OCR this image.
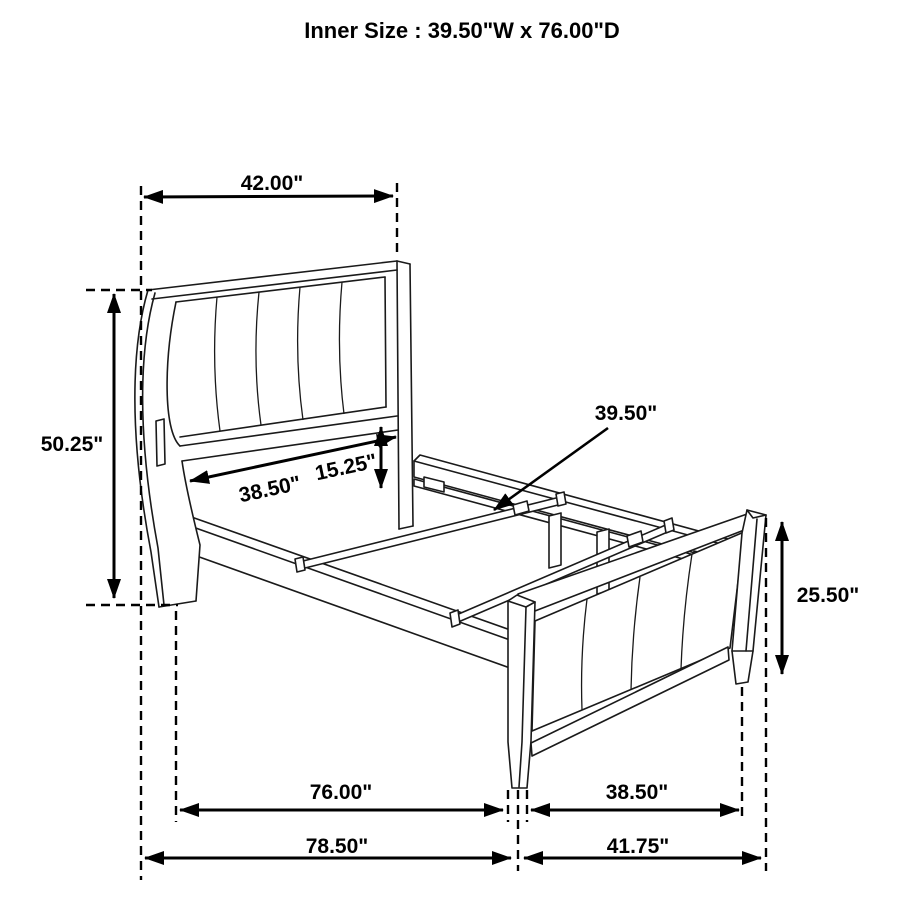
Inner Size : 39.50"W x 76.00"D
42.00"
50.25"
38.50"
15.25"
39.50"
25.50"
76.00"	38.50"
78.50"	41.75"
